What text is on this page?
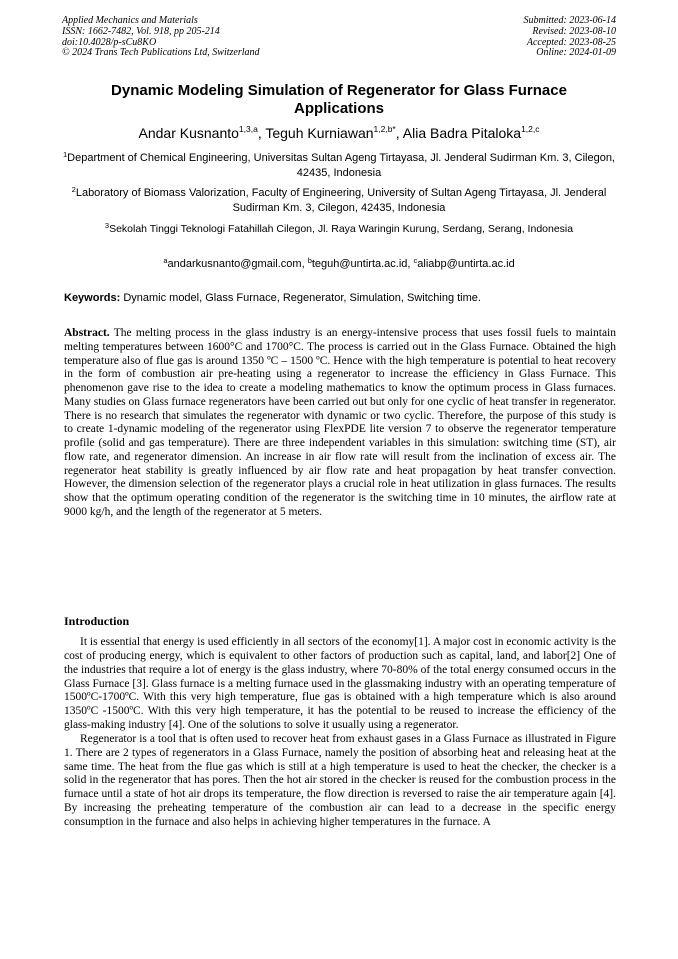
Applied Mechanics and Materials
ISSN: 1662-7482, Vol. 918, pp 205-214
doi:10.4028/p-sCu8KO
© 2024 Trans Tech Publications Ltd, Switzerland
Submitted: 2023-06-14
Revised: 2023-08-10
Accepted: 2023-08-25
Online: 2024-01-09
Dynamic Modeling Simulation of Regenerator for Glass Furnace Applications
Andar Kusnanto$^{1,3,a}$, Teguh Kurniawan$^{1,2,b*}$, Alia Badra Pitaloka$^{1,2,c}$
$^1$Department of Chemical Engineering, Universitas Sultan Ageng Tirtayasa, Jl. Jenderal Sudirman Km. 3, Cilegon, 42435, Indonesia
$^2$Laboratory of Biomass Valorization, Faculty of Engineering, University of Sultan Ageng Tirtayasa, Jl. Jenderal Sudirman Km. 3, Cilegon, 42435, Indonesia
$^3$Sekolah Tinggi Teknologi Fatahillah Cilegon, Jl. Raya Waringin Kurung, Serdang, Serang, Indonesia
$^a$andarkusnanto@gmail.com, $^b$teguh@untirta.ac.id, $^c$aliabp@untirta.ac.id
Keywords: Dynamic model, Glass Furnace, Regenerator, Simulation, Switching time.

Abstract. The melting process in the glass industry is an energy-intensive process that uses fossil fuels to maintain melting temperatures between 1600°C and 1700°C. The process is carried out in the Glass Furnace. Obtained the high temperature also of flue gas is around 1350 ºC – 1500 ºC. Hence with the high temperature is potential to heat recovery in the form of combustion air pre-heating using a regenerator to increase the efficiency in Glass Furnace. This phenomenon gave rise to the idea to create a modeling mathematics to know the optimum process in Glass furnaces. Many studies on Glass furnace regenerators have been carried out but only for one cyclic of heat transfer in regenerator. There is no research that simulates the regenerator with dynamic or two cyclic. Therefore, the purpose of this study is to create 1-dynamic modeling of the regenerator using FlexPDE lite version 7 to observe the regenerator temperature profile (solid and gas temperature). There are three independent variables in this simulation: switching time (ST), air flow rate, and regenerator dimension. An increase in air flow rate will result from the inclination of excess air. The regenerator heat stability is greatly influenced by air flow rate and heat propagation by heat transfer convection. However, the dimension selection of the regenerator plays a crucial role in heat utilization in glass furnaces. The results show that the optimum operating condition of the regenerator is the switching time in 10 minutes, the airflow rate at 9000 kg/h, and the length of the regenerator at 5 meters.

Introduction

It is essential that energy is used efficiently in all sectors of the economy[1]. A major cost in economic activity is the cost of producing energy, which is equivalent to other factors of production such as capital, land, and labor[2] One of the industries that require a lot of energy is the glass industry, where 70-80% of the total energy consumed occurs in the Glass Furnace [3]. Glass furnace is a melting furnace used in the glassmaking industry with an operating temperature of 1500ºC-1700ºC. With this very high temperature, flue gas is obtained with a high temperature which is also around 1350ºC -1500ºC. With this very high temperature, it has the potential to be reused to increase the efficiency of the glass-making industry [4]. One of the solutions to solve it usually using a regenerator.

Regenerator is a tool that is often used to recover heat from exhaust gases in a Glass Furnace as illustrated in Figure 1. There are 2 types of regenerators in a Glass Furnace, namely the position of absorbing heat and releasing heat at the same time. The heat from the flue gas which is still at a high temperature is used to heat the checker, the checker is a solid in the regenerator that has pores. Then the hot air stored in the checker is reused for the combustion process in the furnace until a state of hot air drops its temperature, the flow direction is reversed to raise the air temperature again [4]. By increasing the preheating temperature of the combustion air can lead to a decrease in the specific energy consumption in the furnace and also helps in achieving higher temperatures in the furnace. A
